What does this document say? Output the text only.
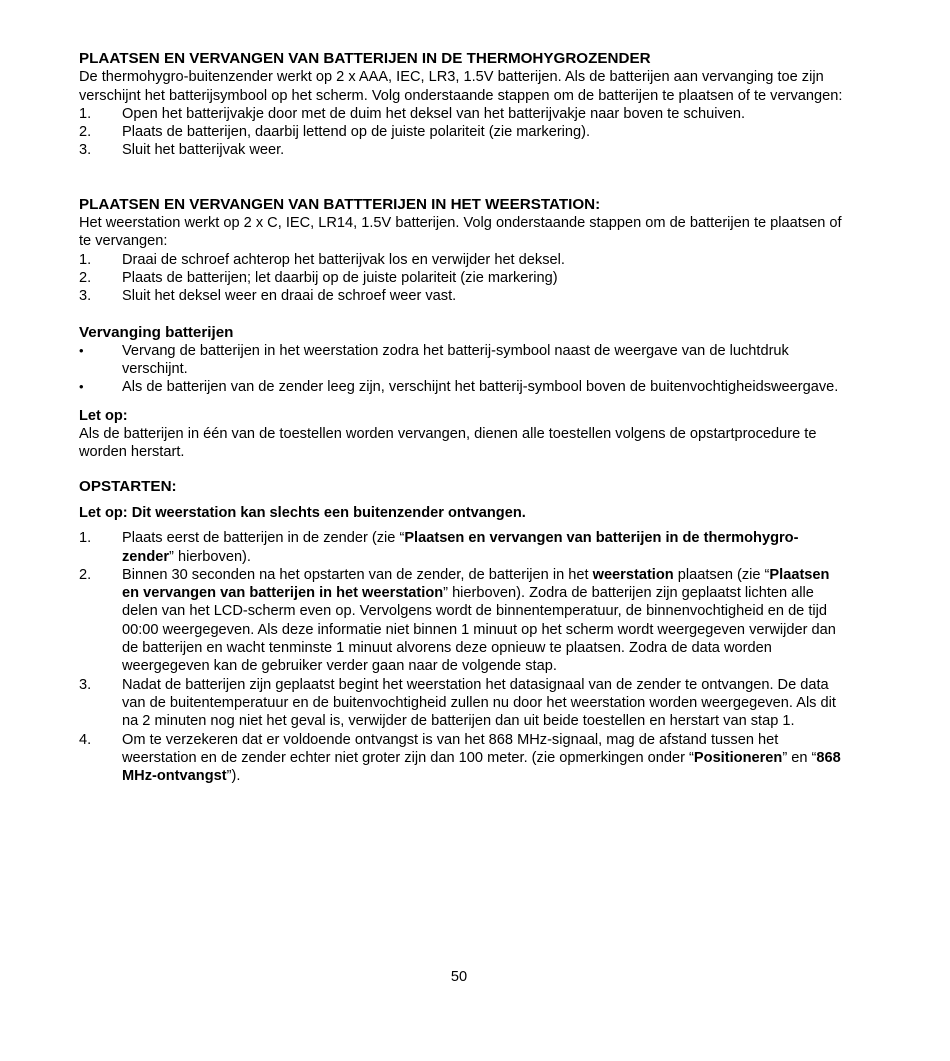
PLAATSEN EN VERVANGEN VAN BATTERIJEN IN DE THERMOHYGROZENDER

De thermohygro-buitenzender werkt op 2 x AAA, IEC, LR3, 1.5V batterijen. Als de batterijen aan vervanging toe zijn verschijnt het batterijsymbool op het scherm. Volg onderstaande stappen om de batterijen te plaatsen of te vervangen:

1. Open het batterijvakje door met de duim het deksel van het batterijvakje naar boven te schuiven.
2. Plaats de batterijen, daarbij lettend op de juiste polariteit (zie markering).
3. Sluit het batterijvak weer.
PLAATSEN EN VERVANGEN VAN BATTTERIJEN IN HET WEERSTATION:

Het weerstation werkt op 2 x C, IEC, LR14, 1.5V batterijen. Volg onderstaande stappen om de batterijen te plaatsen of te vervangen:

1. Draai de schroef achterop het batterijvak los en verwijder het deksel.
2. Plaats de batterijen; let daarbij op de juiste polariteit (zie markering)
3. Sluit het deksel weer en draai de schroef weer vast.
Vervanging batterijen
•	Vervang de batterijen in het weerstation zodra het batterij-symbool naast de weergave van de luchtdruk verschijnt.
•	Als de batterijen van de zender leeg zijn, verschijnt het batterij-symbool boven de buitenvochtigheidsweergave.
Let op:

Als de batterijen in één van de toestellen worden vervangen, dienen alle toestellen volgens de opstartprocedure te worden herstart.

OPSTARTEN:

Let op: Dit weerstation kan slechts een buitenzender ontvangen.

1. Plaats eerst de batterijen in de zender (zie “Plaatsen en vervangen van batterijen in de thermohygro-zender” hierboven).
2. Binnen 30 seconden na het opstarten van de zender, de batterijen in het weerstation plaatsen (zie “Plaatsen en vervangen van batterijen in het weerstation” hierboven). Zodra de batterijen zijn geplaatst lichten alle delen van het LCD-scherm even op. Vervolgens wordt de binnentemperatuur, de binnenvochtigheid en de tijd 00:00 weergegeven. Als deze informatie niet binnen 1 minuut op het scherm wordt weergegeven verwijder dan de batterijen en wacht tenminste 1 minuut alvorens deze opnieuw te plaatsen. Zodra de data worden weergegeven kan de gebruiker verder gaan naar de volgende stap.
3. Nadat de batterijen zijn geplaatst begint het weerstation het datasignaal van de zender te ontvangen. De data van de buitentemperatuur en de buitenvochtigheid zullen nu door het weerstation worden weergegeven. Als dit na 2 minuten nog niet het geval is, verwijder de batterijen dan uit beide toestellen en herstart van stap 1.
4. Om te verzekeren dat er voldoende ontvangst is van het 868 MHz-signaal, mag de afstand tussen het weerstation en de zender echter niet groter zijn dan 100 meter. (zie opmerkingen onder “Positioneren” en “868 MHz-ontvangst”).
50
